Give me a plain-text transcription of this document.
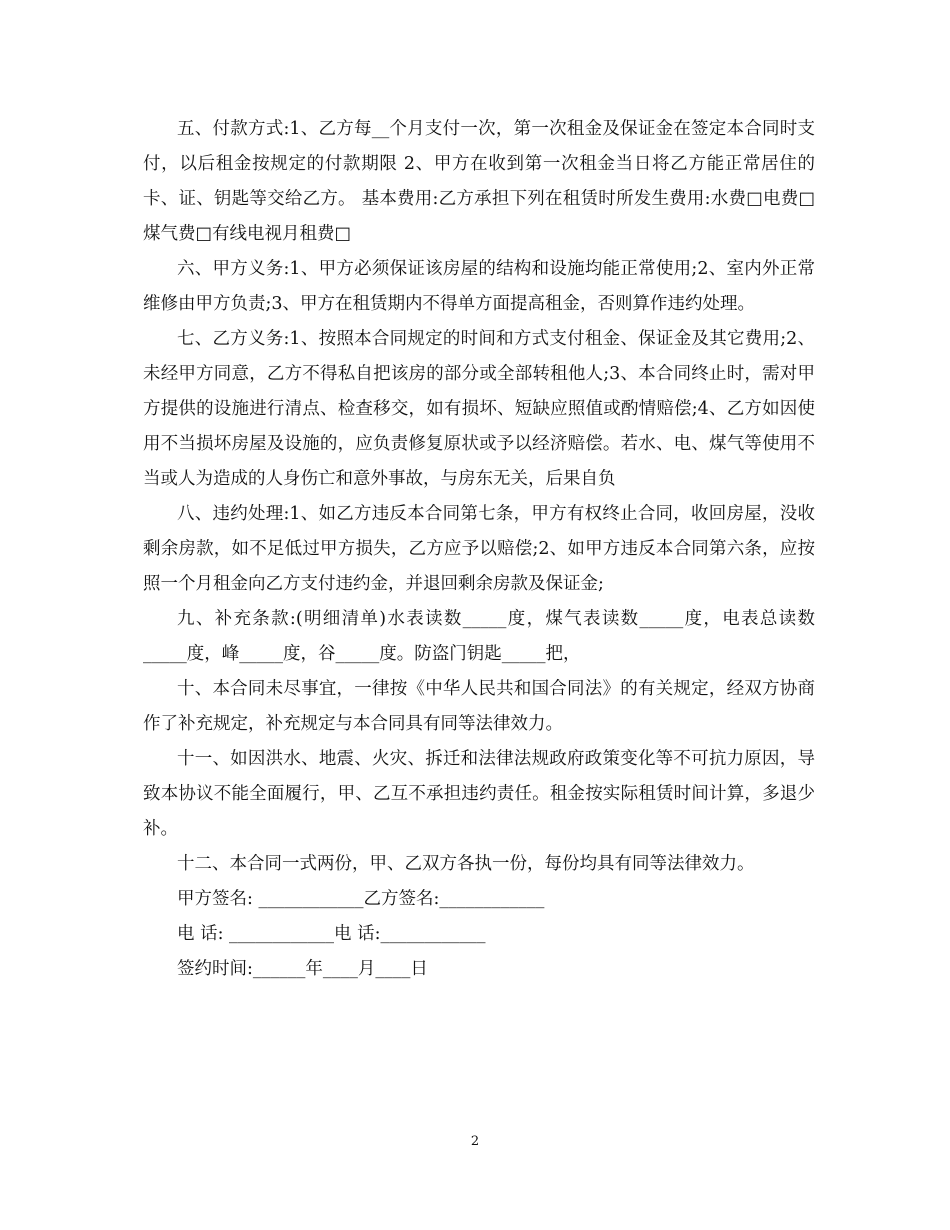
五、付款方式:1、乙方每__个月支付一次，第一次租金及保证金在签定本合同时支付，以后租金按规定的付款期限 2、甲方在收到第一次租金当日将乙方能正常居住的卡、证、钥匙等交给乙方。 基本费用:乙方承担下列在租赁时所发生费用:水费□电费□煤气费□有线电视月租费□

六、甲方义务:1、甲方必须保证该房屋的结构和设施均能正常使用;2、室内外正常维修由甲方负责;3、甲方在租赁期内不得单方面提高租金，否则算作违约处理。

七、乙方义务:1、按照本合同规定的时间和方式支付租金、保证金及其它费用;2、未经甲方同意，乙方不得私自把该房的部分或全部转租他人;3、本合同终止时，需对甲方提供的设施进行清点、检查移交，如有损坏、短缺应照值或酌情赔偿;4、乙方如因使用不当损坏房屋及设施的，应负责修复原状或予以经济赔偿。若水、电、煤气等使用不当或人为造成的人身伤亡和意外事故，与房东无关，后果自负

八、违约处理:1、如乙方违反本合同第七条，甲方有权终止合同，收回房屋，没收剩余房款，如不足低过甲方损失，乙方应予以赔偿;2、如甲方违反本合同第六条，应按照一个月租金向乙方支付违约金，并退回剩余房款及保证金;

九、补充条款:(明细清单)水表读数_____度，煤气表读数_____度，电表总读数_____度，峰_____度，谷_____度。防盗门钥匙_____把，

十、本合同未尽事宜，一律按《中华人民共和国合同法》的有关规定，经双方协商作了补充规定，补充规定与本合同具有同等法律效力。

十一、如因洪水、地震、火灾、拆迁和法律法规政府政策变化等不可抗力原因，导致本协议不能全面履行，甲、乙互不承担违约责任。租金按实际租赁时间计算，多退少补。

十二、本合同一式两份，甲、乙双方各执一份，每份均具有同等法律效力。

甲方签名: ____________乙方签名:____________

电 话: ____________电 话:____________

签约时间:______年____月____日

2
